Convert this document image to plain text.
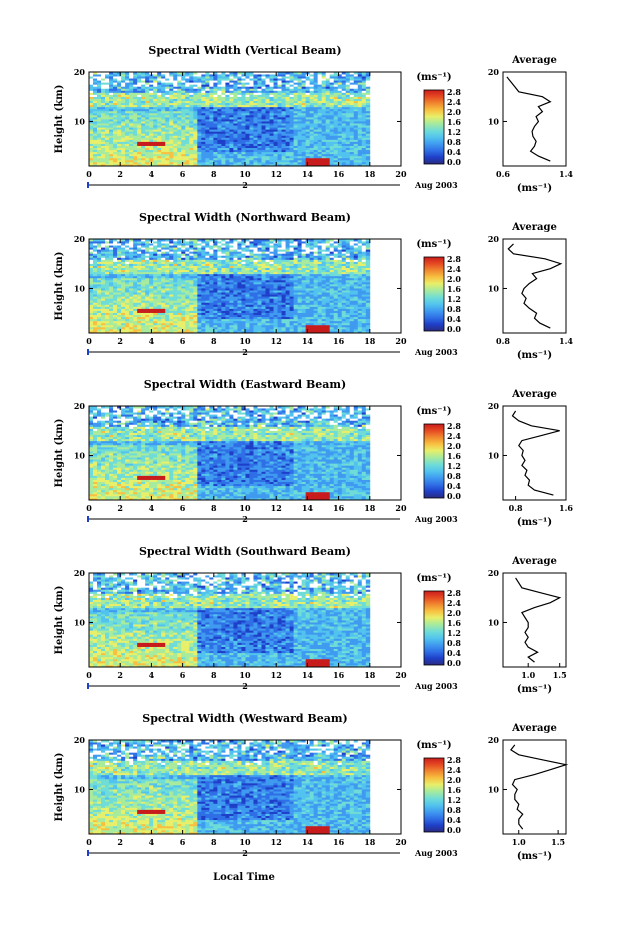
Spectral Width (Vertical Beam)
0	2	4	6	8	10	12	14	16	18	20
10
20
Height (km)
2	Aug 2003
(ms⁻¹)
2.8
2.4
2.0
1.6
1.2
0.8
0.4
0.0
Average
10
20
0.6	1.4
(ms⁻¹)
Spectral Width (Northward Beam)
0	2	4	6	8	10	12	14	16	18	20
10
20
Height (km)
2	Aug 2003
(ms⁻¹)
2.8
2.4
2.0
1.6
1.2
0.8
0.4
0.0
Average
10
20
0.8	1.4
(ms⁻¹)
Spectral Width (Eastward Beam)
0	2	4	6	8	10	12	14	16	18	20
10
20
Height (km)
2	Aug 2003
(ms⁻¹)
2.8
2.4
2.0
1.6
1.2
0.8
0.4
0.0
Average
10
20
0.8	1.6
(ms⁻¹)
Spectral Width (Southward Beam)
0	2	4	6	8	10	12	14	16	18	20
10
20
Height (km)
2	Aug 2003
(ms⁻¹)
2.8
2.4
2.0
1.6
1.2
0.8
0.4
0.0
Average
10
20
1.0 1.5
(ms⁻¹)
Spectral Width (Westward Beam)
0	2	4	6	8	10	12	14	16	18	20
10
20
Height (km)
2	Aug 2003
(ms⁻¹)
2.8
2.4
2.0
1.6
1.2
0.8
0.4
0.0
Average
10
20
1.0	1.5
(ms⁻¹)
Local Time
